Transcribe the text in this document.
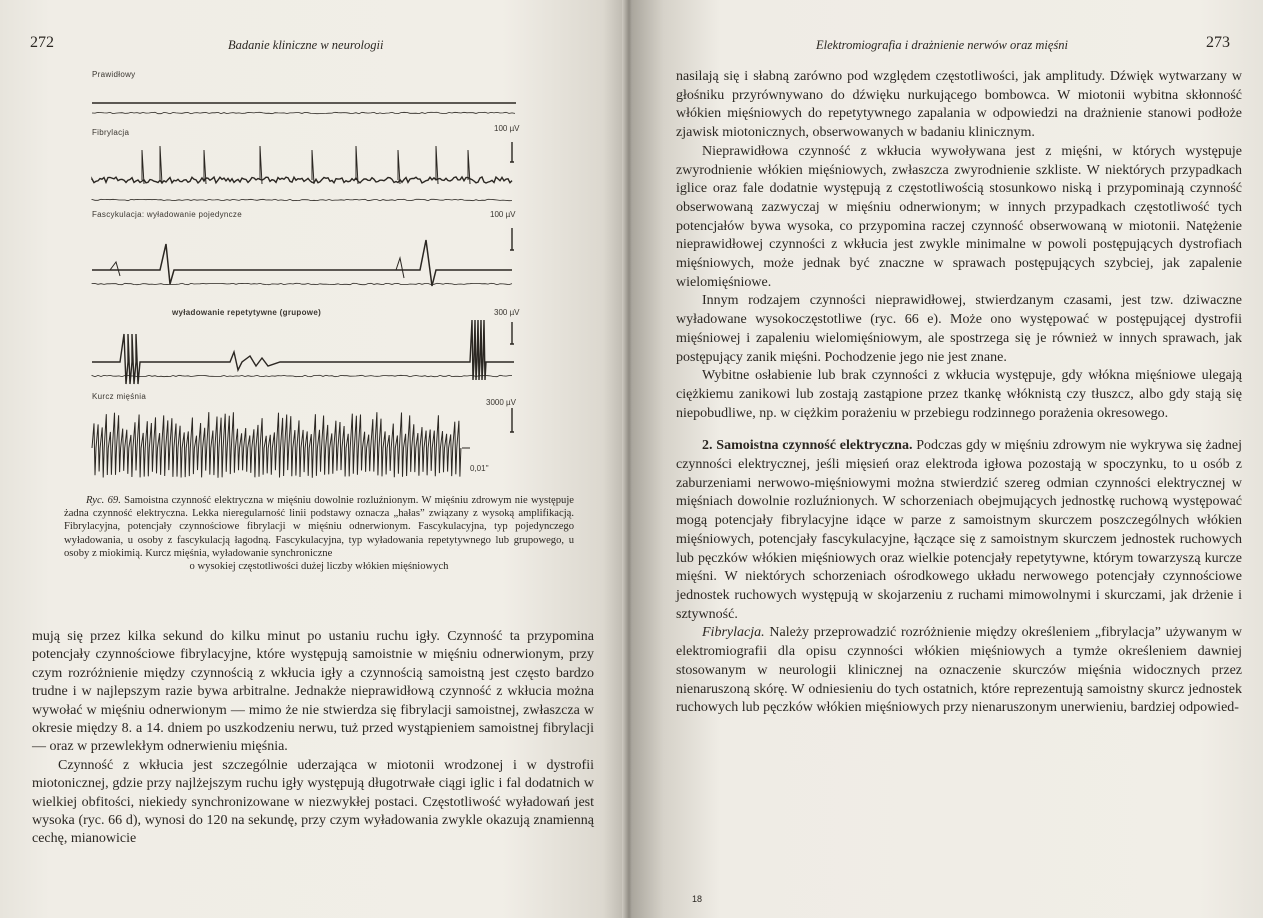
272	Badanie kliniczne w neurologii
Prawidłowy
Fibrylacja	100 µV
Fascykulacja: wyładowanie pojedyncze	100 µV
wyładowanie repetytywne (grupowe)	300 µV
Kurcz mięśnia
3000 µV
0,01''

Ryc. 69. Samoistna czynność elektryczna w mięśniu dowolnie rozluźnionym. W mięśniu zdrowym nie występuje żadna czynność elektryczna. Lekka nieregularność linii podstawy oznacza „hałas” związany z wysoką amplifikacją. Fibrylacyjna, potencjały czynnościowe fibrylacji w mięśniu odnerwionym. Fascykulacyjna, typ pojedynczego wyładowania, u osoby z fascykulacją łagodną. Fascykulacyjna, typ wyładowania repetytywnego lub grupowego, u osoby z miokimią. Kurcz mięśnia, wyładowanie synchroniczne

o wysokiej częstotliwości dużej liczby włókien mięśniowych

mują się przez kilka sekund do kilku minut po ustaniu ruchu igły. Czynność ta przypomina potencjały czynnościowe fibrylacyjne, które występują samoistnie w mięśniu odnerwionym, przy czym rozróżnienie między czynnością z wkłucia igły a czynnością samoistną jest często bardzo trudne i w najlepszym razie bywa arbitralne. Jednakże nieprawidłową czynność z wkłucia można wywołać w mięśniu odnerwionym — mimo że nie stwierdza się fibrylacji samoistnej, zwłaszcza w okresie między 8. a 14. dniem po uszkodzeniu nerwu, tuż przed wystąpieniem samoistnej fibrylacji — oraz w przewlekłym odnerwieniu mięśnia.

Czynność z wkłucia jest szczególnie uderzająca w miotonii wrodzonej i w dystrofii miotonicznej, gdzie przy najlżejszym ruchu igły występują długotrwałe ciągi iglic i fal dodatnich w wielkiej obfitości, niekiedy synchronizowane w niezwykłej postaci. Częstotliwość wyładowań jest wysoka (ryc. 66 d), wynosi do 120 na sekundę, przy czym wyładowania zwykle okazują znamienną cechę, mianowicie

Elektromiografia i drażnienie nerwów oraz mięśni	273

nasilają się i słabną zarówno pod względem częstotliwości, jak amplitudy. Dźwięk wytwarzany w głośniku przyrównywano do dźwięku nurkującego bombowca. W miotonii wybitna skłonność włókien mięśniowych do repetytywnego zapalania w odpowiedzi na drażnienie stanowi podłoże zjawisk miotonicznych, obserwowanych w badaniu klinicznym.

Nieprawidłowa czynność z wkłucia wywoływana jest z mięśni, w których występuje zwyrodnienie włókien mięśniowych, zwłaszcza zwyrodnienie szkliste. W niektórych przypadkach iglice oraz fale dodatnie występują z częstotliwością stosunkowo niską i przypominają czynność obserwowaną zazwyczaj w mięśniu odnerwionym; w innych przypadkach częstotliwość tych potencjałów bywa wysoka, co przypomina raczej czynność obserwowaną w miotonii. Natężenie nieprawidłowej czynności z wkłucia jest zwykle minimalne w powoli postępujących dystrofiach mięśniowych, może jednak być znaczne w sprawach postępujących szybciej, jak zapalenie wielomięśniowe.

Innym rodzajem czynności nieprawidłowej, stwierdzanym czasami, jest tzw. dziwaczne wyładowane wysokoczęstotliwe (ryc. 66 e). Może ono występować w postępującej dystrofii mięśniowej i zapaleniu wielomięśniowym, ale spostrzega się je również w innych sprawach, jak postępujący zanik mięśni. Pochodzenie jego nie jest znane.

Wybitne osłabienie lub brak czynności z wkłucia występuje, gdy włókna mięśniowe ulegają ciężkiemu zanikowi lub zostają zastąpione przez tkankę włóknistą czy tłuszcz, albo gdy stają się niepobudliwe, np. w ciężkim porażeniu w przebiegu rodzinnego porażenia okresowego.

2. Samoistna czynność elektryczna. Podczas gdy w mięśniu zdrowym nie wykrywa się żadnej czynności elektrycznej, jeśli mięsień oraz elektroda igłowa pozostają w spoczynku, to u osób z zaburzeniami nerwowo-mięśniowymi można stwierdzić szereg odmian czynności elektrycznej w mięśniach dowolnie rozluźnionych. W schorzeniach obejmujących jednostkę ruchową występować mogą potencjały fibrylacyjne idące w parze z samoistnym skurczem poszczególnych włókien mięśniowych, potencjały fascykulacyjne, łączące się z samoistnym skurczem jednostek ruchowych lub pęczków włókien mięśniowych oraz wielkie potencjały repetytywne, którym towarzyszą kurcze mięśni. W niektórych schorzeniach ośrodkowego układu nerwowego potencjały czynnościowe jednostek ruchowych występują w skojarzeniu z ruchami mimowolnymi i skurczami, jak drżenie i sztywność.

Fibrylacja. Należy przeprowadzić rozróżnienie między określeniem „fibrylacja” używanym w elektromiografii dla opisu czynności włókien mięśniowych a tymże określeniem dawniej stosowanym w neurologii klinicznej na oznaczenie skurczów mięśnia widocznych przez nienaruszoną skórę. W odniesieniu do tych ostatnich, które reprezentują samoistny skurcz jednostek ruchowych lub pęczków włókien mięśniowych przy nienaruszonym unerwieniu, bardziej odpowied-

18
